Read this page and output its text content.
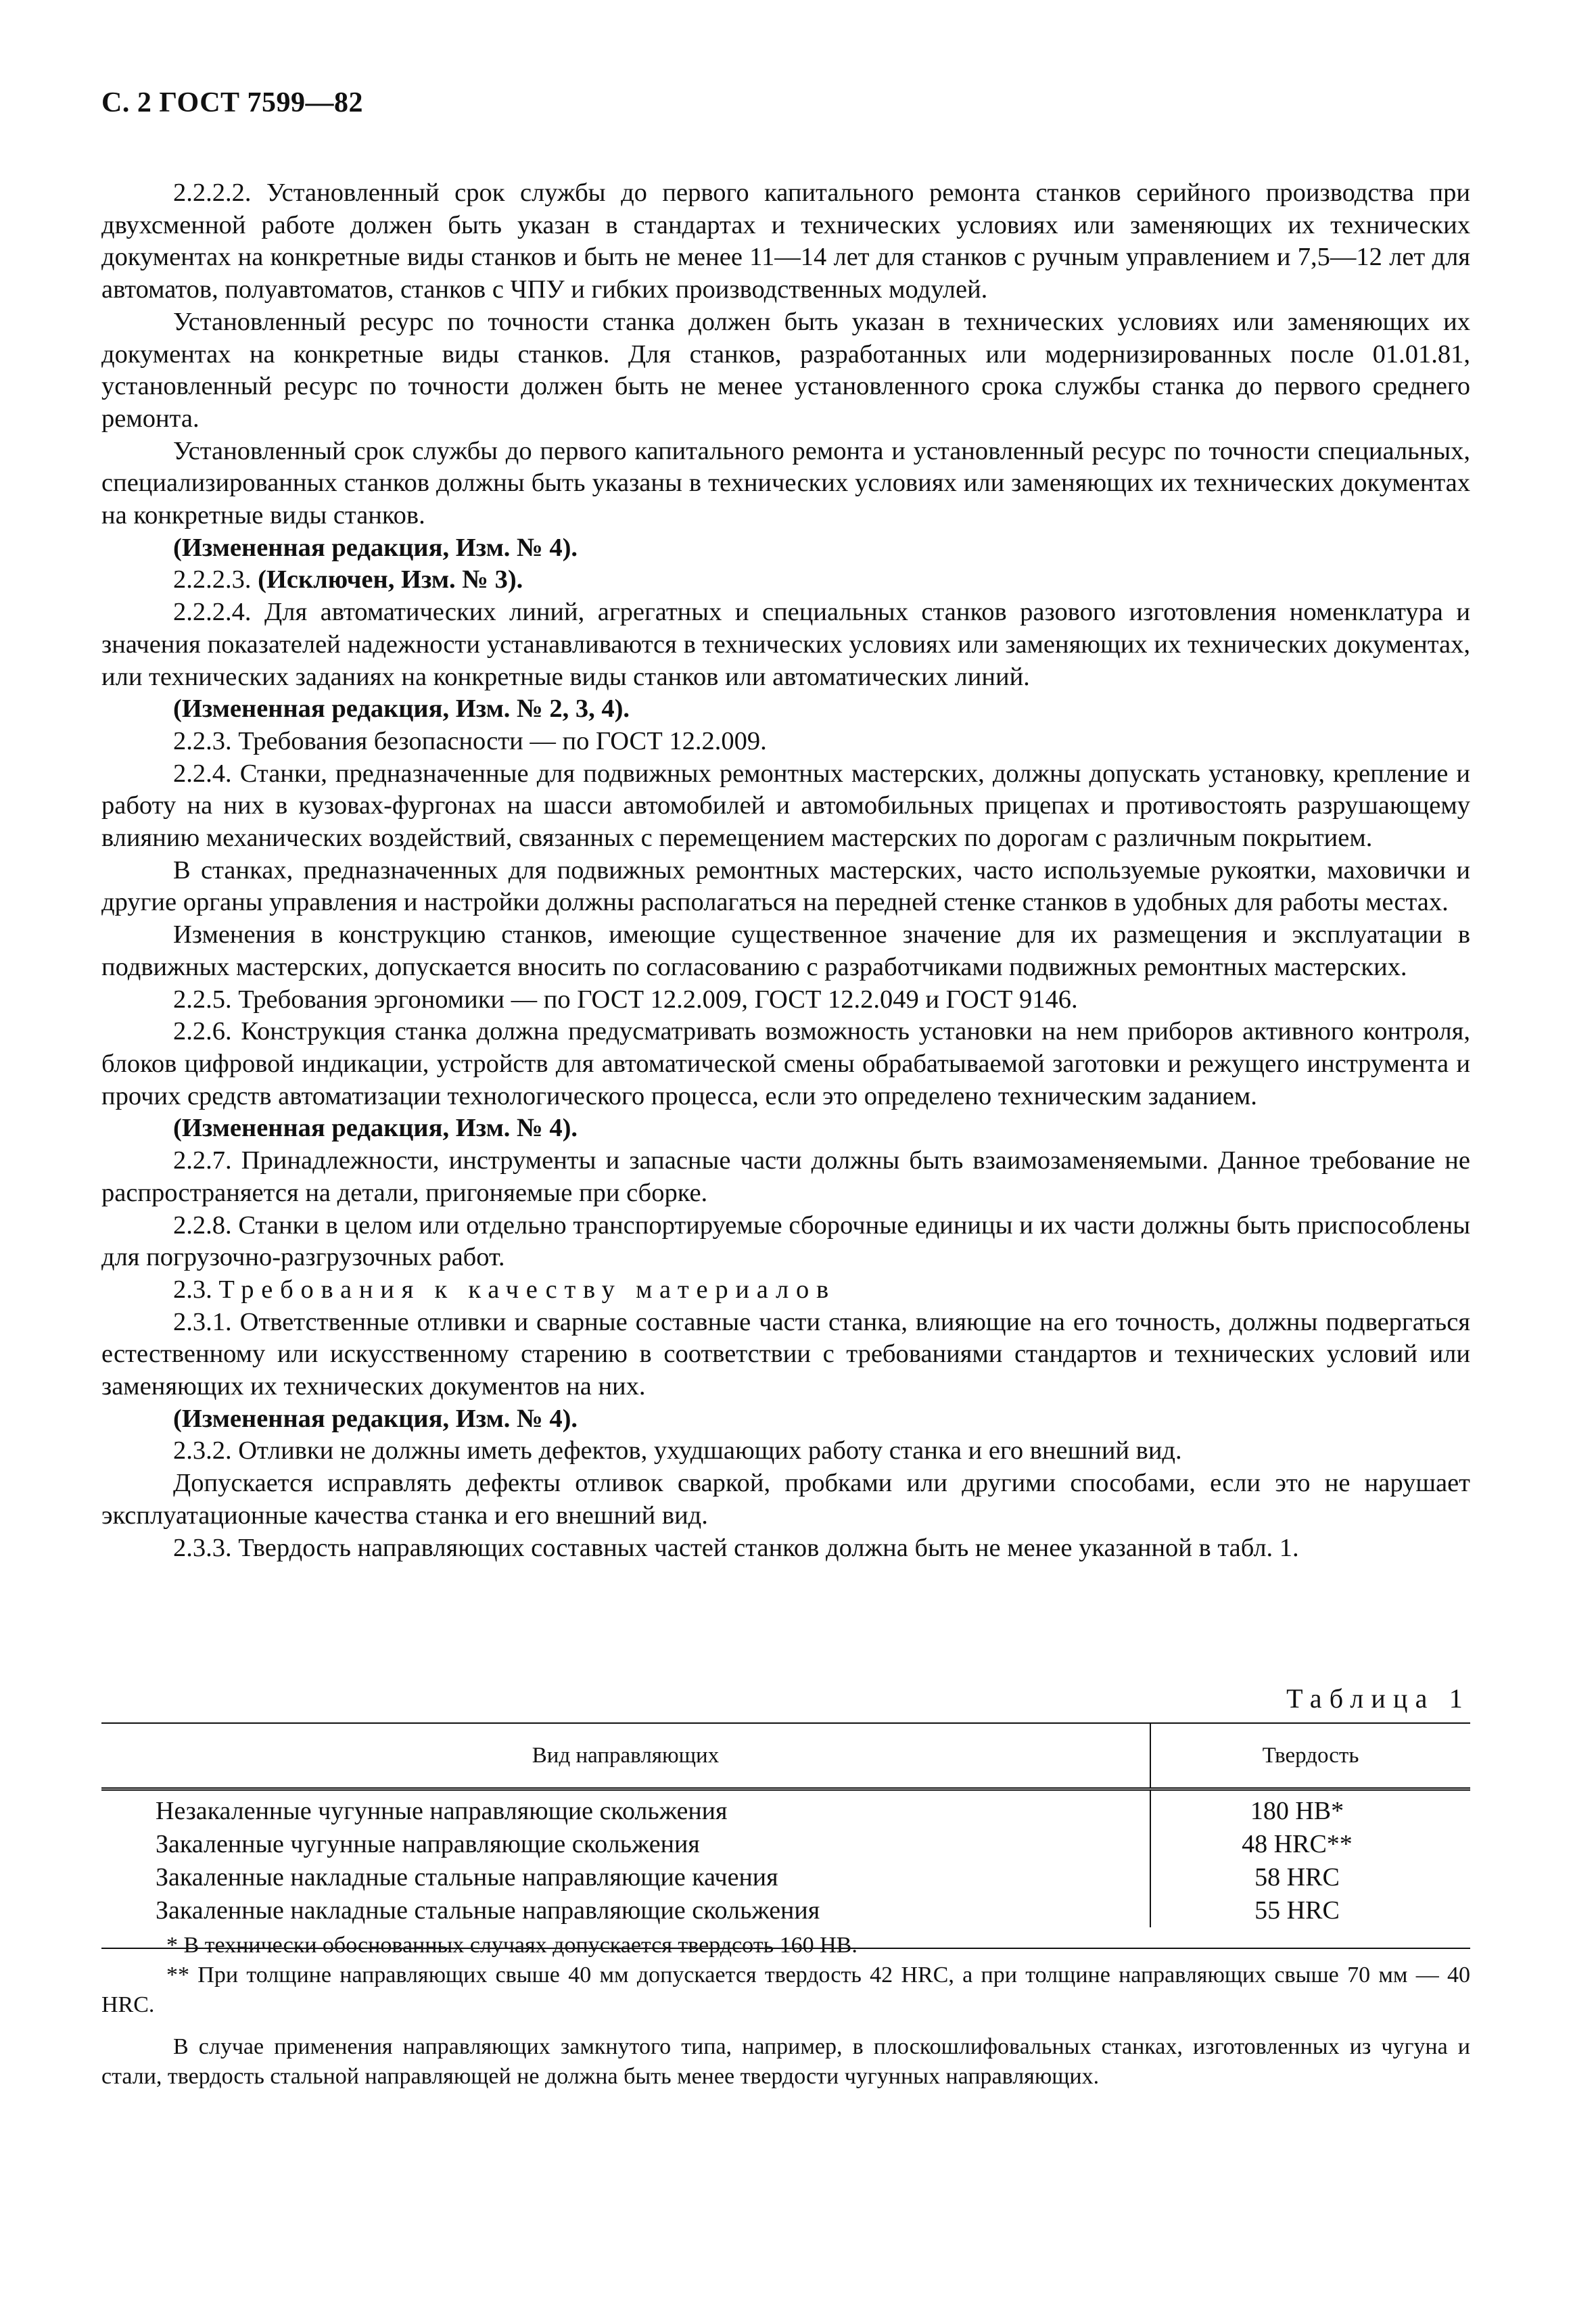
С. 2 ГОСТ 7599—82

2.2.2.2. Установленный срок службы до первого капитального ремонта станков серийного производства при двухсменной работе должен быть указан в стандартах и технических условиях или заменяющих их технических документах на конкретные виды станков и быть не менее 11—14 лет для станков с ручным управлением и 7,5—12 лет для автоматов, полуавтоматов, станков с ЧПУ и гибких производственных модулей.

Установленный ресурс по точности станка должен быть указан в технических условиях или заменяющих их документах на конкретные виды станков. Для станков, разработанных или модернизированных после 01.01.81, установленный ресурс по точности должен быть не менее установленного срока службы станка до первого среднего ремонта.

Установленный срок службы до первого капитального ремонта и установленный ресурс по точности специальных, специализированных станков должны быть указаны в технических условиях или заменяющих их технических документах на конкретные виды станков.

(Измененная редакция, Изм. № 4).

2.2.2.3. (Исключен, Изм. № 3).

2.2.2.4. Для автоматических линий, агрегатных и специальных станков разового изготовления номенклатура и значения показателей надежности устанавливаются в технических условиях или заменяющих их технических документах, или технических заданиях на конкретные виды станков или автоматических линий.

(Измененная редакция, Изм. № 2, 3, 4).

2.2.3. Требования безопасности — по ГОСТ 12.2.009.

2.2.4. Станки, предназначенные для подвижных ремонтных мастерских, должны допускать установку, крепление и работу на них в кузовах-фургонах на шасси автомобилей и автомобильных прицепах и противостоять разрушающему влиянию механических воздействий, связанных с перемещением мастерских по дорогам с различным покрытием.

В станках, предназначенных для подвижных ремонтных мастерских, часто используемые рукоятки, маховички и другие органы управления и настройки должны располагаться на передней стенке станков в удобных для работы местах.

Изменения в конструкцию станков, имеющие существенное значение для их размещения и эксплуатации в подвижных мастерских, допускается вносить по согласованию с разработчиками подвижных ремонтных мастерских.

2.2.5. Требования эргономики — по ГОСТ 12.2.009, ГОСТ 12.2.049 и ГОСТ 9146.

2.2.6. Конструкция станка должна предусматривать возможность установки на нем приборов активного контроля, блоков цифровой индикации, устройств для автоматической смены обрабатываемой заготовки и режущего инструмента и прочих средств автоматизации технологического процесса, если это определено техническим заданием.

(Измененная редакция, Изм. № 4).

2.2.7. Принадлежности, инструменты и запасные части должны быть взаимозаменяемыми. Данное требование не распространяется на детали, пригоняемые при сборке.

2.2.8. Станки в целом или отдельно транспортируемые сборочные единицы и их части должны быть приспособлены для погрузочно-разгрузочных работ.

2.3. Требования к качеству материалов

2.3.1. Ответственные отливки и сварные составные части станка, влияющие на его точность, должны подвергаться естественному или искусственному старению в соответствии с требованиями стандартов и технических условий или заменяющих их технических документов на них.

(Измененная редакция, Изм. № 4).

2.3.2. Отливки не должны иметь дефектов, ухудшающих работу станка и его внешний вид.

Допускается исправлять дефекты отливок сваркой, пробками или другими способами, если это не нарушает эксплуатационные качества станка и его внешний вид.

2.3.3. Твердость направляющих составных частей станков должна быть не менее указанной в табл. 1.

Таблица 1
Вид направляющих	Твердость
Незакаленные чугунные направляющие скольжения
Закаленные чугунные направляющие скольжения
Закаленные накладные стальные направляющие качения
Закаленные накладные стальные направляющие скольжения
180 НВ*
48 HRC**
58 HRC
55 HRC

* В технически обоснованных случаях допускается твердсоть 160 НВ.

** При толщине направляющих свыше 40 мм допускается твердость 42 HRC, а при толщине направляющих свыше 70 мм — 40 HRC.

В случае применения направляющих замкнутого типа, например, в плоскошлифовальных станках, изготовленных из чугуна и стали, твердость стальной направляющей не должна быть менее твердости чугунных направляющих.
